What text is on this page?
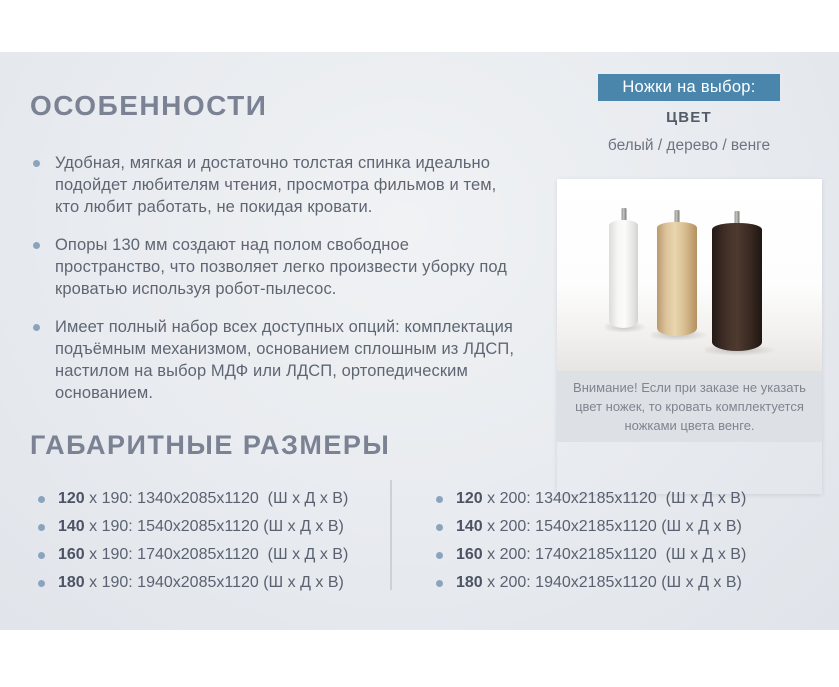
ОСОБЕННОСТИ

Удобная, мягкая и достаточно толстая спинка идеально подойдет любителям чтения, просмотра фильмов и тем, кто любит работать, не покидая кровати.

Опоры 130 мм создают над полом свободное пространство, что позволяет легко произвести уборку под кроватью используя робот-пылесос.

Имеет полный набор всех доступных опций: комплектация подъёмным механизмом, основанием сплошным из ЛДСП, настилом на выбор МДФ или ЛДСП, ортопедическим основанием.

ГАБАРИТНЫЕ РАЗМЕРЫ
120 x 190: 1340x2085x1120  (Ш х Д х В)
140 x 190: 1540x2085x1120 (Ш х Д х В)
160 x 190: 1740x2085x1120  (Ш х Д х В)
180 x 190: 1940x2085x1120 (Ш х Д х В)
120 x 200: 1340x2185x1120  (Ш х Д х В)
140 x 200: 1540x2185x1120 (Ш х Д х В)
160 x 200: 1740x2185x1120  (Ш х Д х В)
180 x 200: 1940x2185x1120 (Ш х Д х В)
Ножки на выбор:
ЦВЕТ
белый / дерево / венге

Внимание! Если при заказе не указать цвет ножек, то кровать комплектуется ножками цвета венге.
